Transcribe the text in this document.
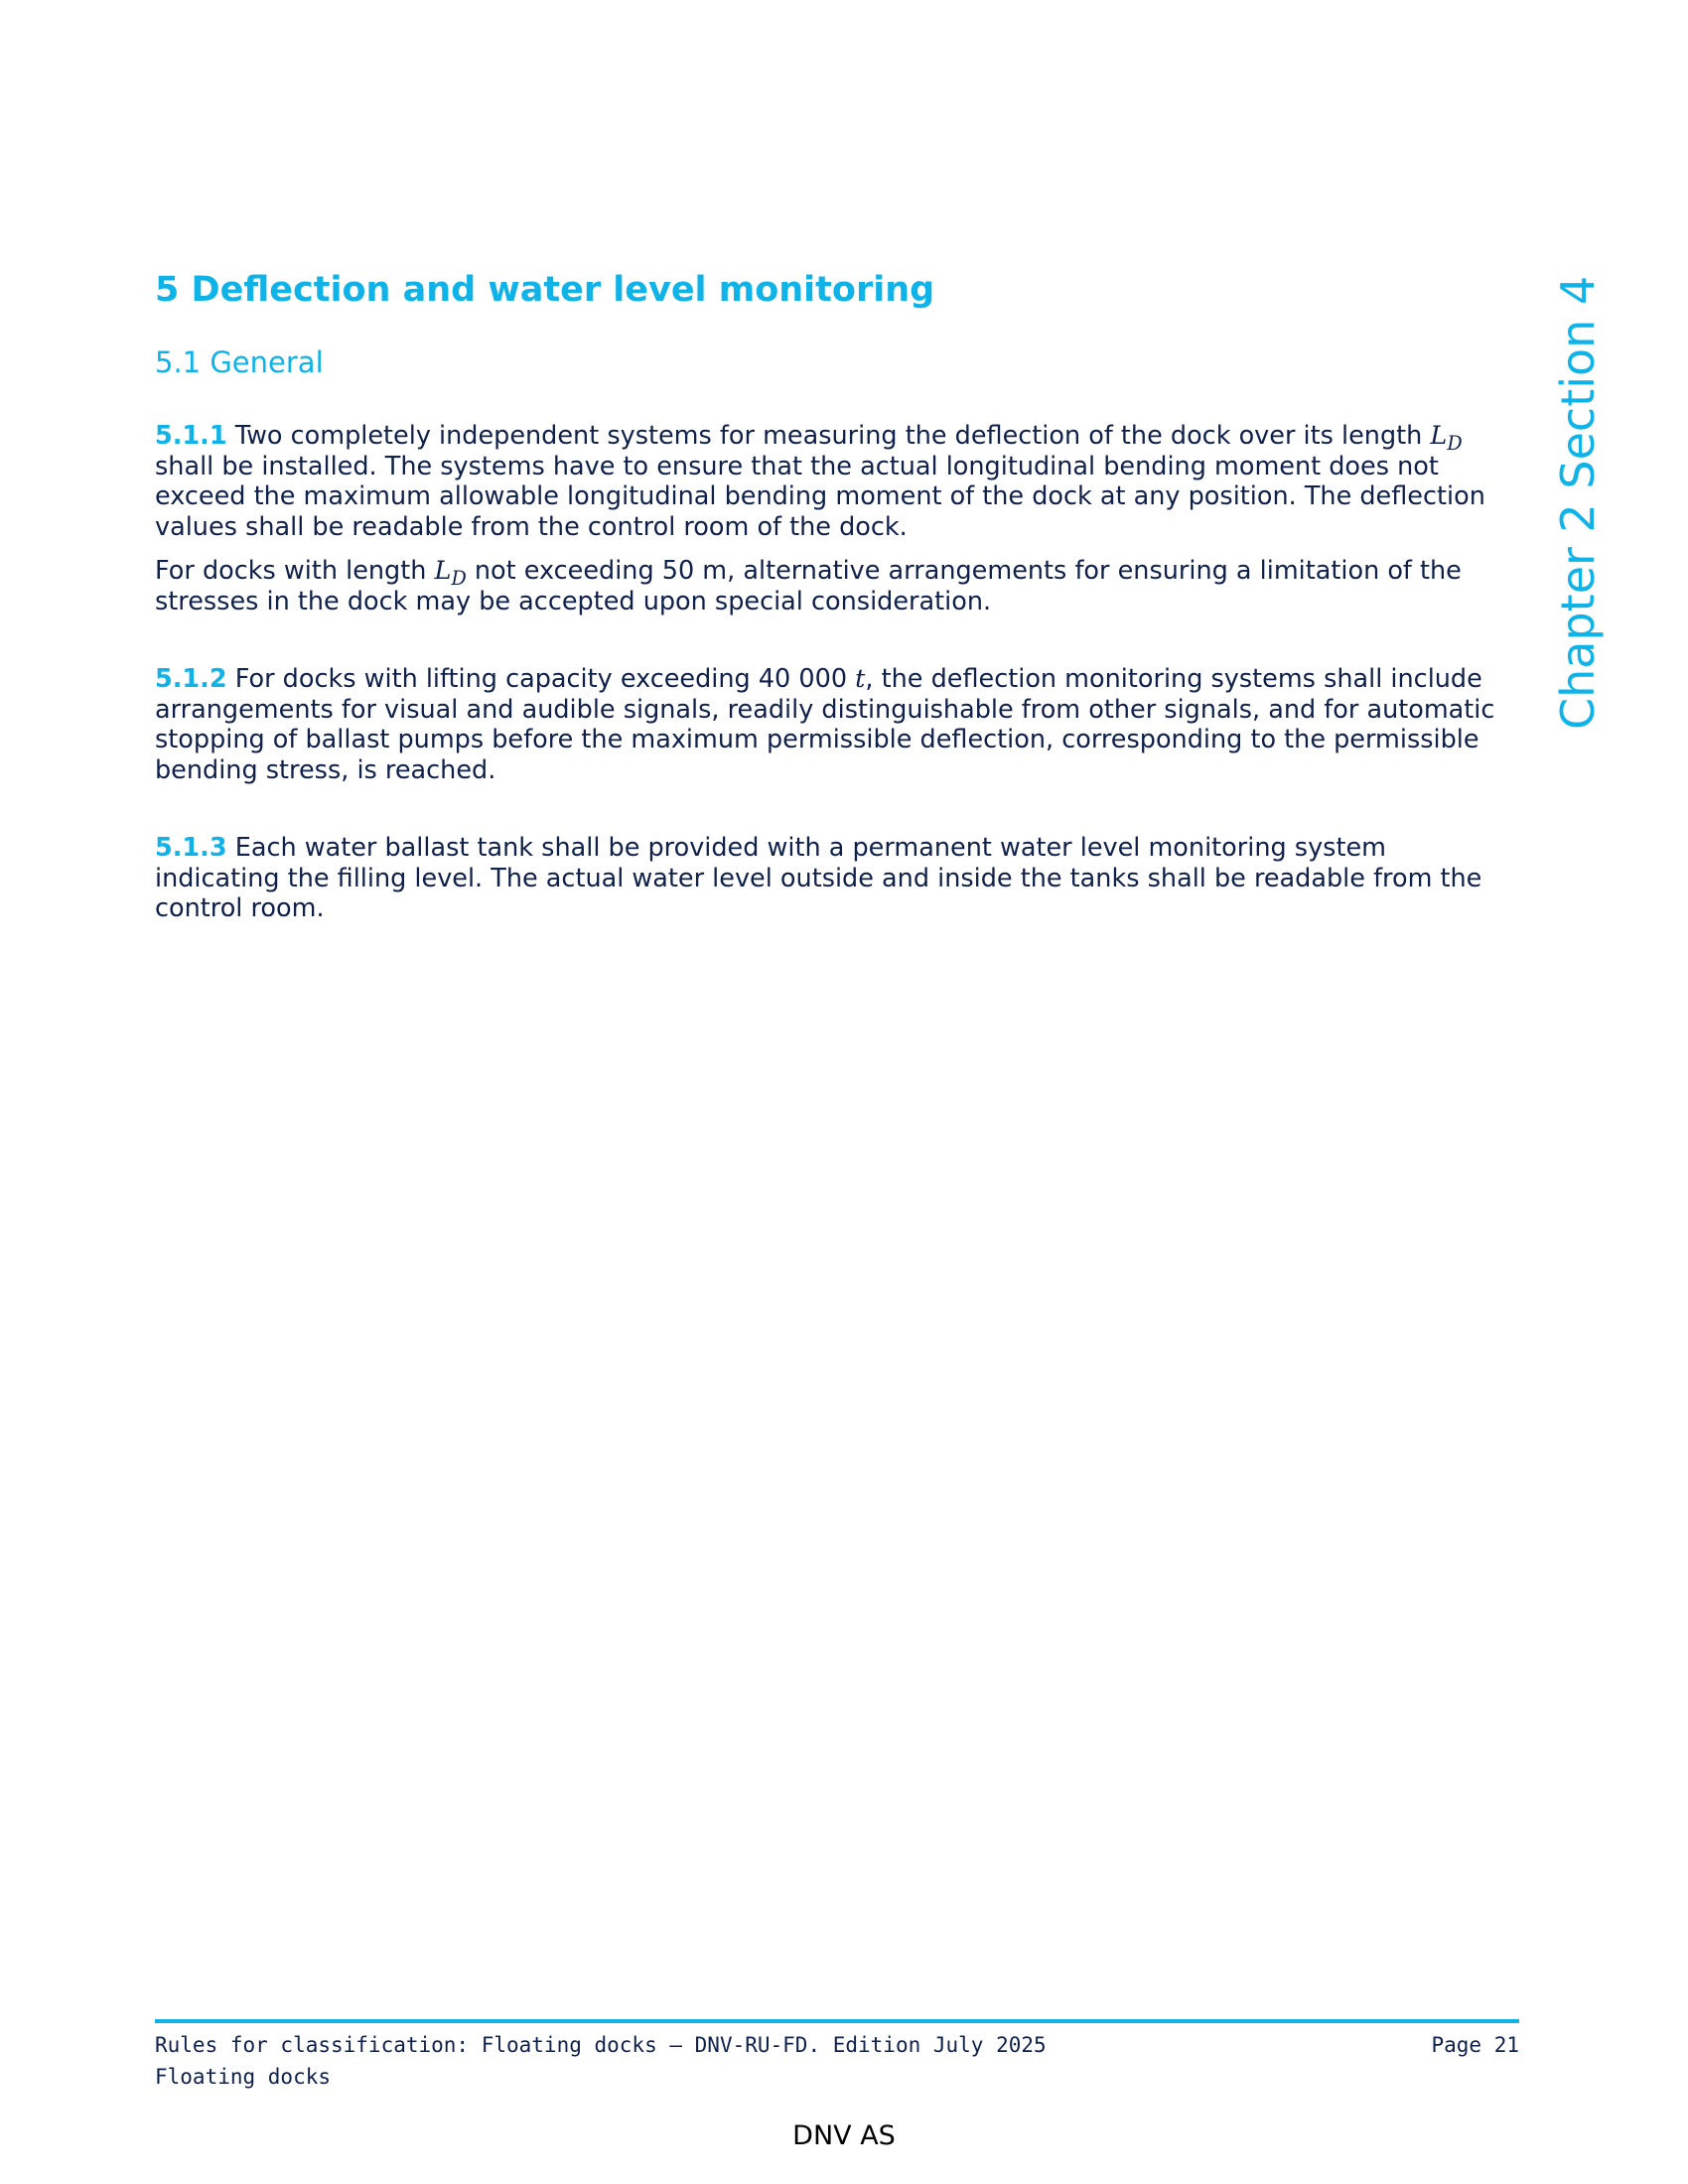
5 Deflection and water level monitoring
5.1 General	Chapter 2 Section 4

5.1.1 Two completely independent systems for measuring the deflection of the dock over its length $L_D$ shall be installed. The systems have to ensure that the actual longitudinal bending moment does not exceed the maximum allowable longitudinal bending moment of the dock at any position. The deflection values shall be readable from the control room of the dock.

For docks with length $L_D$ not exceeding 50 m, alternative arrangements for ensuring a limitation of the stresses in the dock may be accepted upon special consideration.

5.1.2 For docks with lifting capacity exceeding 40 000 t, the deflection monitoring systems shall include arrangements for visual and audible signals, readily distinguishable from other signals, and for automatic stopping of ballast pumps before the maximum permissible deflection, corresponding to the permissible bending stress, is reached.

5.1.3 Each water ballast tank shall be provided with a permanent water level monitoring system indicating the filling level. The actual water level outside and inside the tanks shall be readable from the control room.

Rules for classification: Floating docks — DNV-RU-FD. Edition July 2025
Floating docks
Page 21
DNV AS
